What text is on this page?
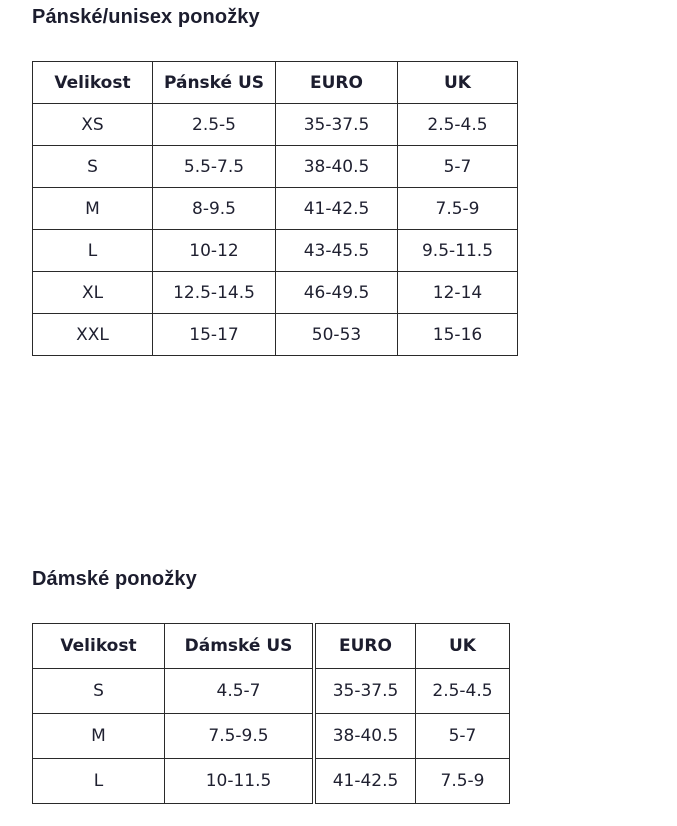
Pánské/unisex ponožky
Velikost	Pánské US	EURO	UK
XS	2.5-5	35-37.5	2.5-4.5
S	5.5-7.5	38-40.5	5-7
M	8-9.5	41-42.5	7.5-9
L	10-12	43-45.5	9.5-11.5
XL	12.5-14.5	46-49.5	12-14
XXL	15-17	50-53	15-16
Dámské ponožky
Velikost	Dámské US	EURO	UK
S	4.5-7	35-37.5	2.5-4.5
M	7.5-9.5	38-40.5	5-7
L	10-11.5	41-42.5	7.5-9
